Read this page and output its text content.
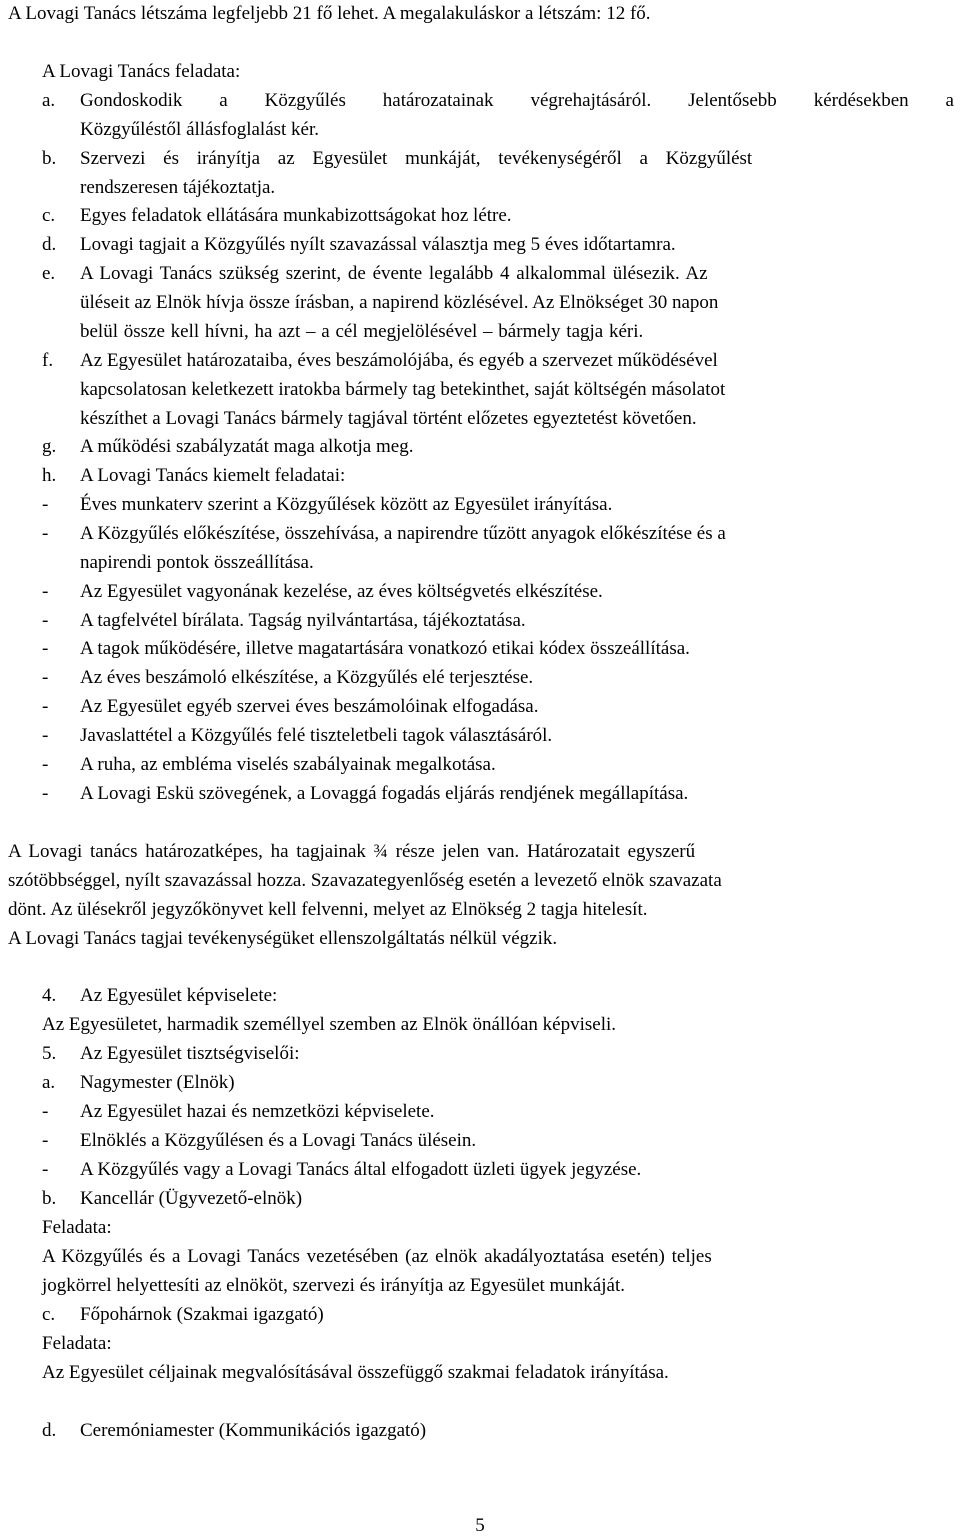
A Lovagi Tanács létszáma legfeljebb 21 fő lehet. A megalakuláskor a létszám: 12 fő.
A Lovagi Tanács feladata:
a. Gondoskodik a Közgyűlés határozatainak végrehajtásáról. Jelentősebb kérdésekben a
Közgyűléstől állásfoglalást kér.
b. Szervezi és irányítja az Egyesület munkáját, tevékenységéről a Közgyűlést
rendszeresen tájékoztatja.
c. Egyes feladatok ellátására munkabizottságokat hoz létre.
d. Lovagi tagjait a Közgyűlés nyílt szavazással választja meg 5 éves időtartamra.
e. A Lovagi Tanács szükség szerint, de évente legalább 4 alkalommal ülésezik. Az
üléseit az Elnök hívja össze írásban, a napirend közlésével. Az Elnökséget 30 napon
belül össze kell hívni, ha azt – a cél megjelölésével – bármely tagja kéri.
f. Az Egyesület határozataiba, éves beszámolójába, és egyéb a szervezet működésével
kapcsolatosan keletkezett iratokba bármely tag betekinthet, saját költségén másolatot
készíthet a Lovagi Tanács bármely tagjával történt előzetes egyeztetést követően.
g. A működési szabályzatát maga alkotja meg.
h. A Lovagi Tanács kiemelt feladatai:
- Éves munkaterv szerint a Közgyűlések között az Egyesület irányítása.
- A Közgyűlés előkészítése, összehívása, a napirendre tűzött anyagok előkészítése és a
napirendi pontok összeállítása.
- Az Egyesület vagyonának kezelése, az éves költségvetés elkészítése.
- A tagfelvétel bírálata. Tagság nyilvántartása, tájékoztatása.
- A tagok működésére, illetve magatartására vonatkozó etikai kódex összeállítása.
- Az éves beszámoló elkészítése, a Közgyűlés elé terjesztése.
- Az Egyesület egyéb szervei éves beszámolóinak elfogadása.
- Javaslattétel a Közgyűlés felé tiszteletbeli tagok választásáról.
- A ruha, az embléma viselés szabályainak megalkotása.
- A Lovagi Eskü szövegének, a Lovaggá fogadás eljárás rendjének megállapítása.
A Lovagi tanács határozatképes, ha tagjainak ¾ része jelen van. Határozatait egyszerű
szótöbbséggel, nyílt szavazással hozza. Szavazategyenlőség esetén a levezető elnök szavazata
dönt. Az ülésekről jegyzőkönyvet kell felvenni, melyet az Elnökség 2 tagja hitelesít.
A Lovagi Tanács tagjai tevékenységüket ellenszolgáltatás nélkül végzik.
4. Az Egyesület képviselete:
Az Egyesületet, harmadik személlyel szemben az Elnök önállóan képviseli.
5. Az Egyesület tisztségviselői:
a. Nagymester (Elnök)
- Az Egyesület hazai és nemzetközi képviselete.
- Elnöklés a Közgyűlésen és a Lovagi Tanács ülésein.
- A Közgyűlés vagy a Lovagi Tanács által elfogadott üzleti ügyek jegyzése.
b. Kancellár (Ügyvezető-elnök)
Feladata:
A Közgyűlés és a Lovagi Tanács vezetésében (az elnök akadályoztatása esetén) teljes
jogkörrel helyettesíti az elnököt, szervezi és irányítja az Egyesület munkáját.
c. Főpohárnok (Szakmai igazgató)
Feladata:
Az Egyesület céljainak megvalósításával összefüggő szakmai feladatok irányítása.
d. Ceremóniamester (Kommunikációs igazgató)
5
